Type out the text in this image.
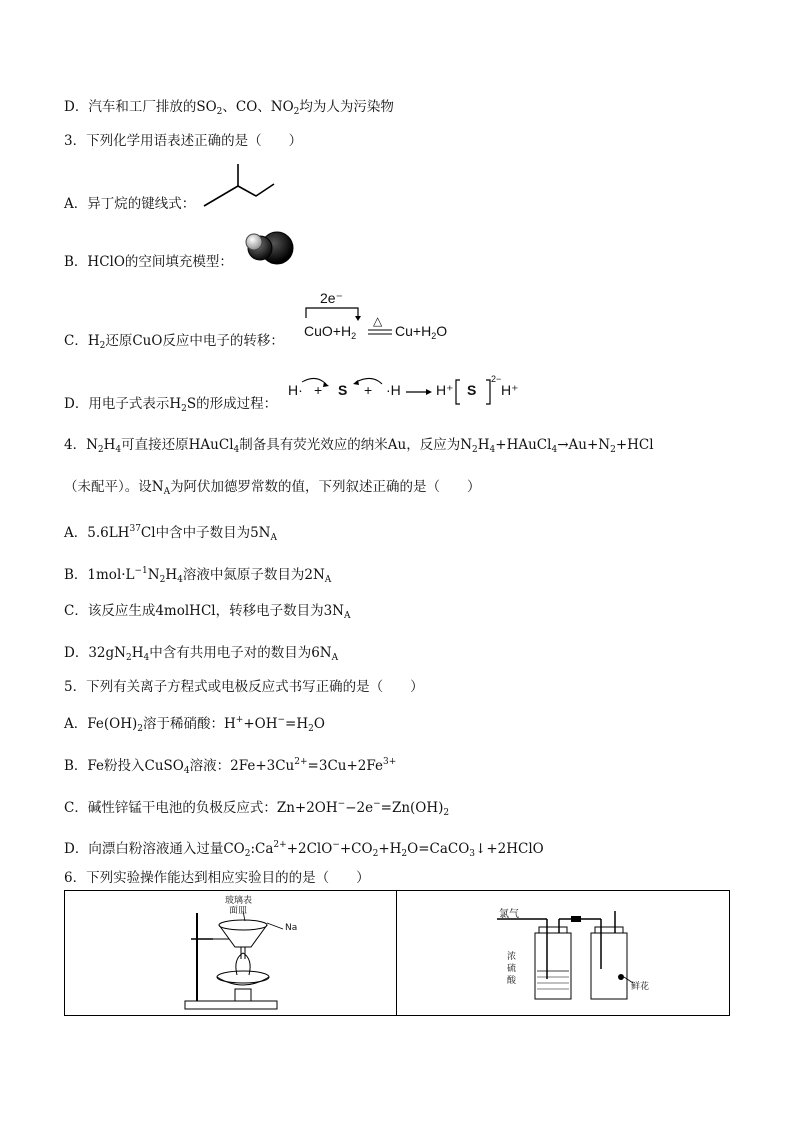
D．汽车和工厂排放的$SO_2$、CO、$NO_2$均为人为污染物
3．下列化学用语表述正确的是（　　）
A．异丁烷的键线式：
B．HClO的空间填充模型：
C．$H_2$还原CuO反应中电子的转移：
2e⁻
$CuO+H_2$
△
$Cu+H_2O$
D．用电子式表示$H_2S$的形成过程：
H· + S + ·H	H⁺ S
2−
H⁺
4．$N_2H_4$可直接还原HAuCl$_4$制备具有荧光效应的纳米Au，反应为$N_2H_4+HAuCl_4\to Au+N_2+HCl$
（未配平）。设$N_A$为阿伏加德罗常数的值，下列叙述正确的是（　　）
A．5.6LH$^{37}$Cl中含中子数目为$5N_A$
B．$1mol\cdot L^{-1}N_2H_4$溶液中氮原子数目为$2N_A$
C．该反应生成4molHCl，转移电子数目为$3N_A$
D．$32gN_2H_4$中含有共用电子对的数目为$6N_A$
5．下列有关离子方程式或电极反应式书写正确的是（　　）
A．$Fe(OH)_2$溶于稀硝酸：$H^++OH^-=H_2O$
B．Fe粉投入CuSO$_4$溶液：$2Fe+3Cu^{2+}=3Cu+2Fe^{3+}$
C．碱性锌锰干电池的负极反应式：$Zn+2OH^--2e^-=Zn(OH)_2$
D．向漂白粉溶液通入过量$CO_2:Ca^{2+}+2ClO^-+CO_2+H_2O=CaCO_3↓+2HClO$
6．下列实验操作能达到相应实验目的的是（　　）
玻璃表
面皿
Na
氯气
浓
硫
酸
鲜花
